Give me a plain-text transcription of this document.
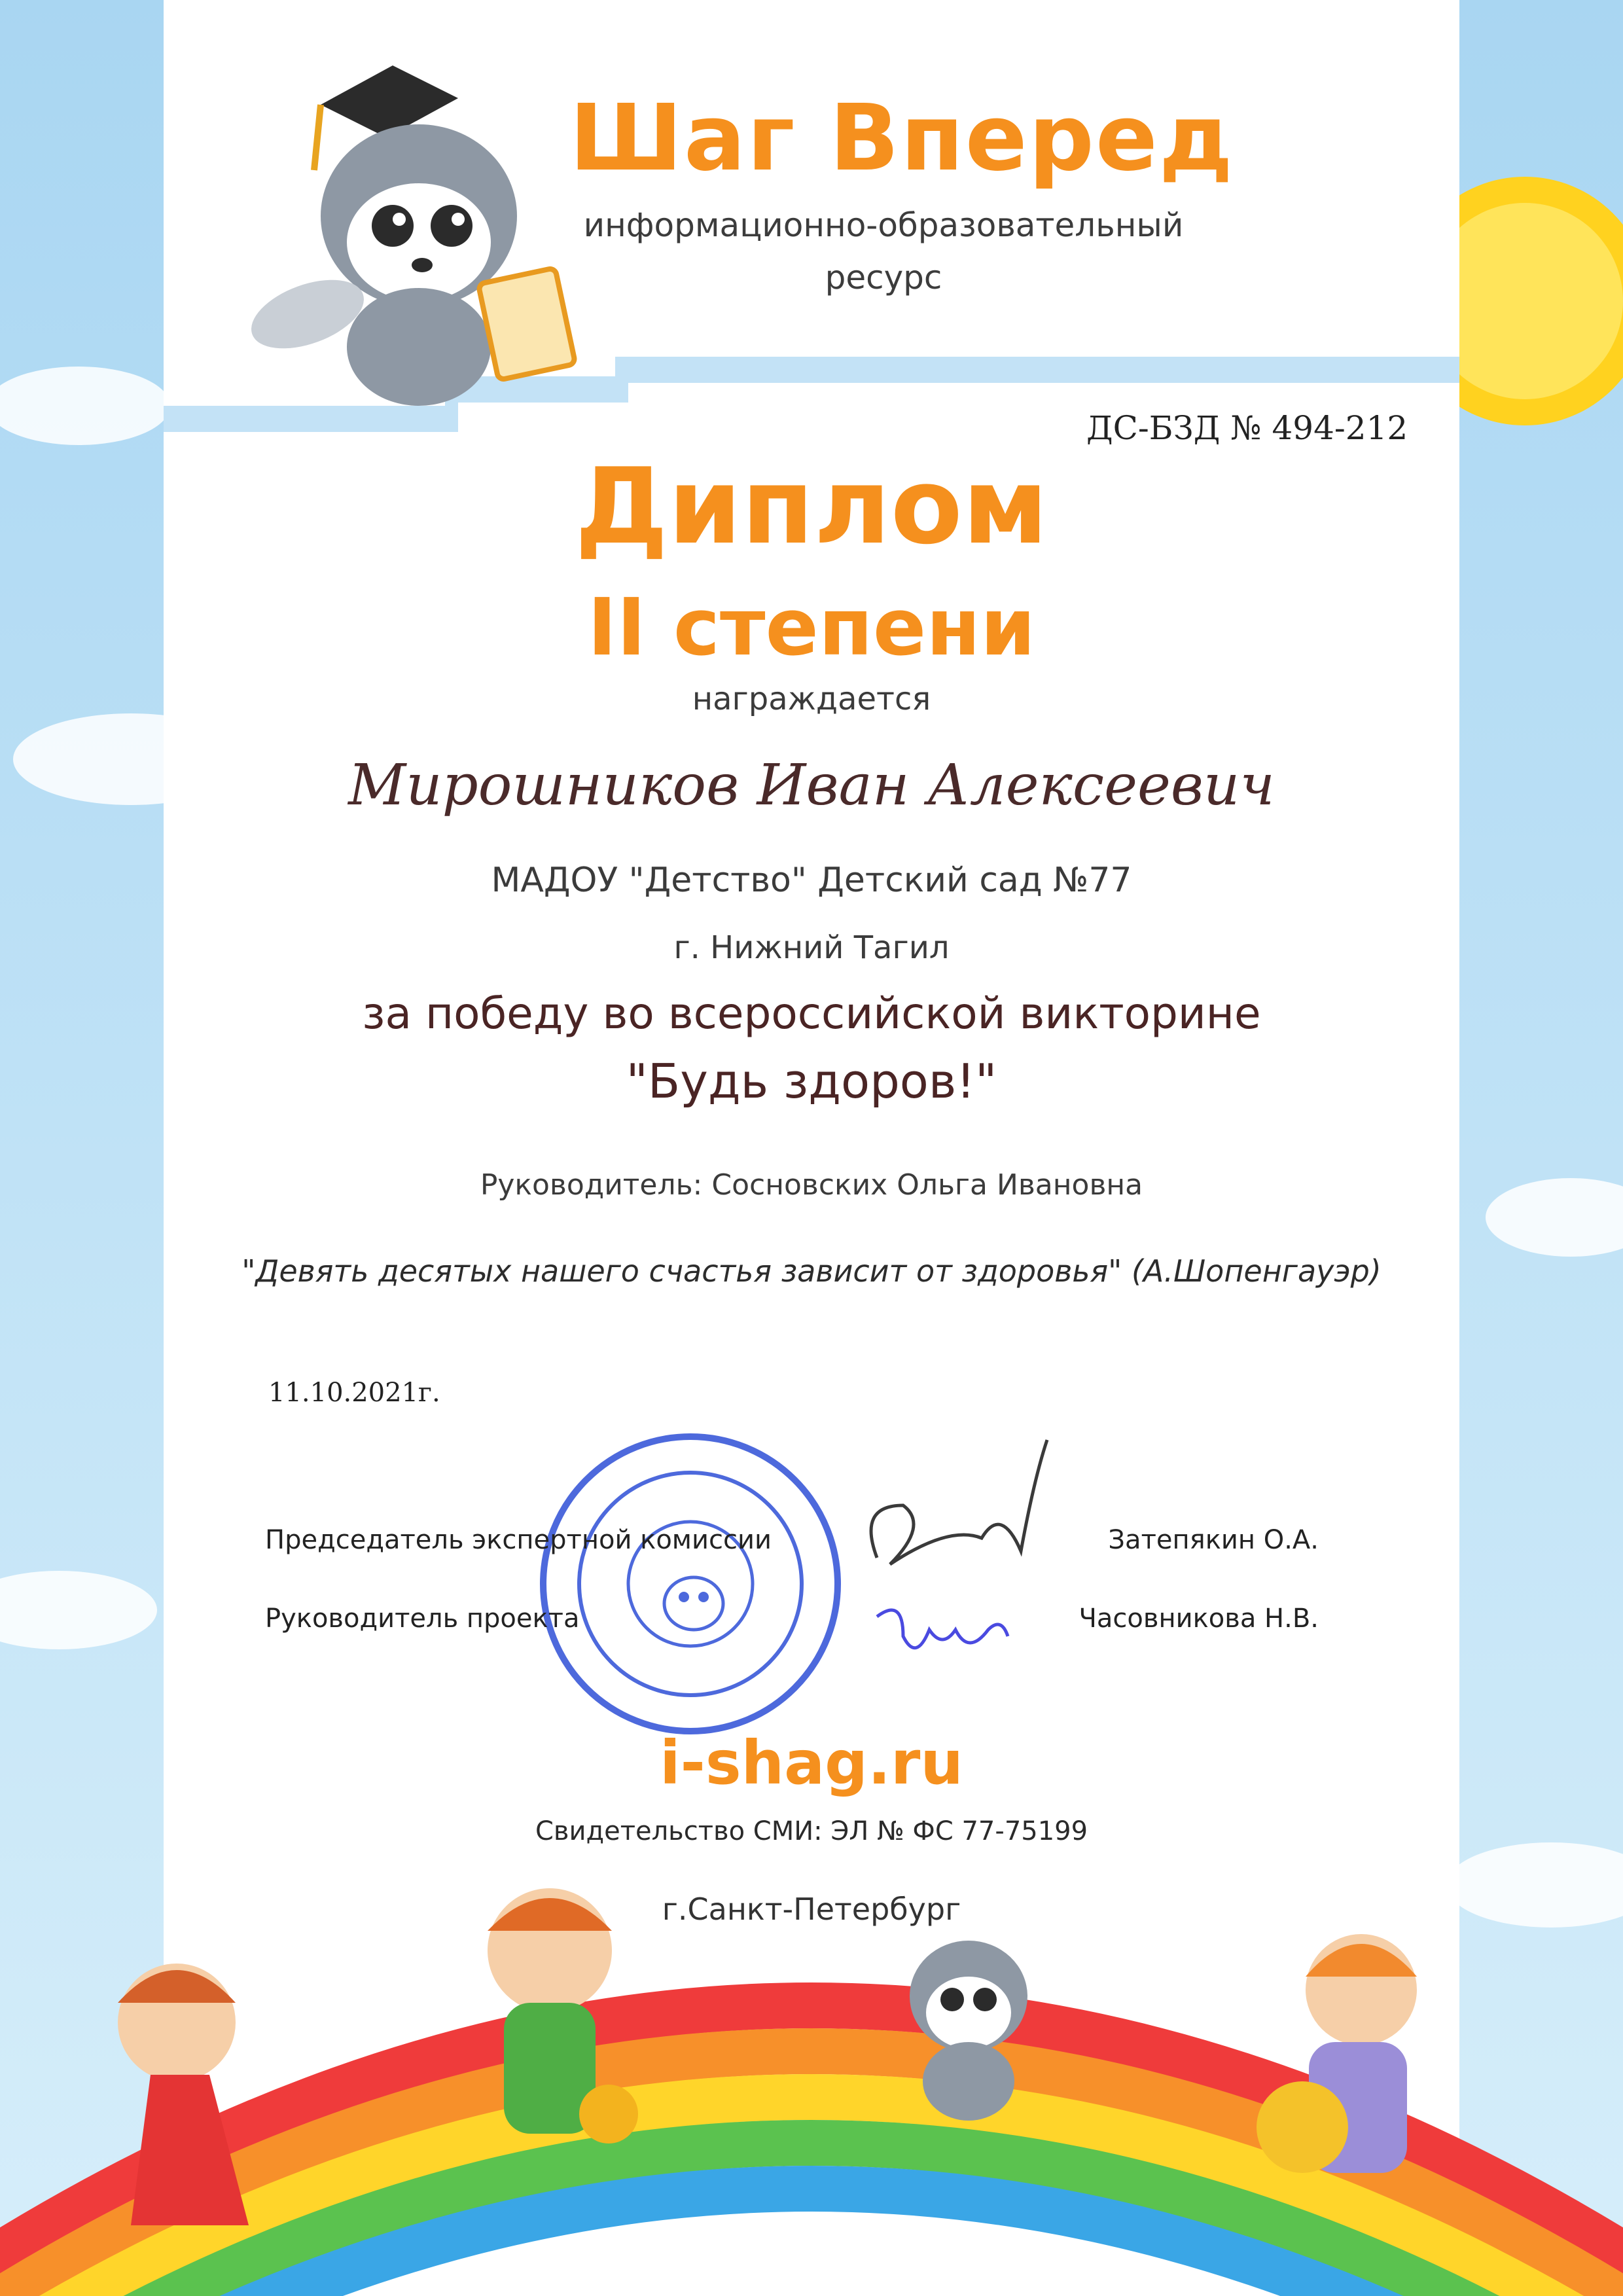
Шаг Вперед
информационно-образовательный
ресурс
ДС-БЗД № 494-212
Диплом
II степени
награждается
Мирошников Иван Алексеевич
МАДОУ "Детство" Детский сад №77
г. Нижний Тагил
за победу во всероссийской викторине
"Будь здоров!"
Руководитель: Сосновских Ольга Ивановна
"Девять десятых нашего счастья зависит от здоровья" (А.Шопенгауэр)
11.10.2021г.
Председатель экспертной комиссии	Затепякин О.А.
Руководитель проекта	Часовникова Н.В.
i-shag.ru
Свидетельство СМИ: ЭЛ № ФС 77-75199
г.Санкт-Петербург
